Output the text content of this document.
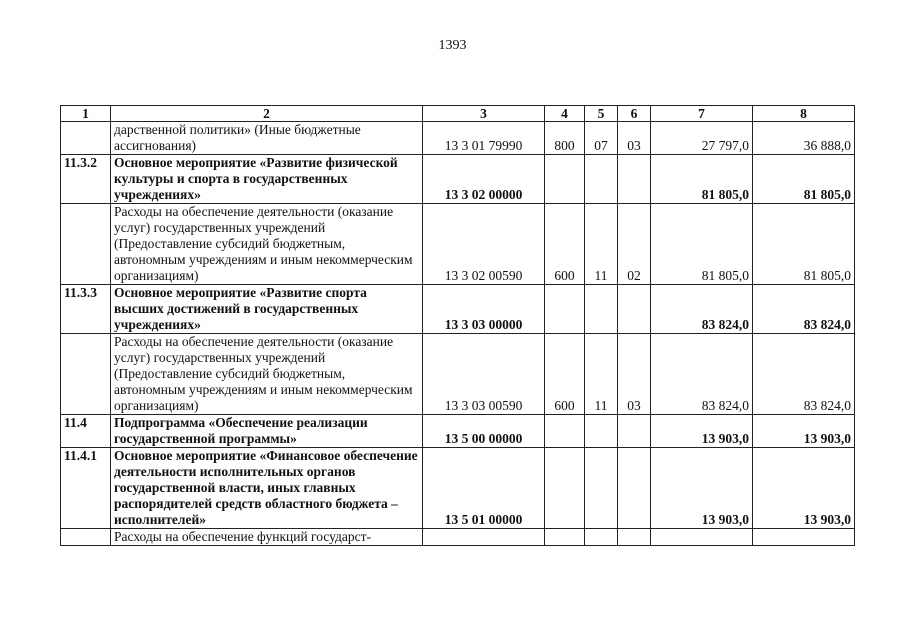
1393
1	2	3	4	5	6	7	8
	дарственной политики» (Иные бюджетные ассигнования)	13 3 01 79990	800	07	03	27 797,0	36 888,0
11.3.2	Основное мероприятие «Развитие физической культуры и спорта в государственных учреждениях»	13 3 02 00000				81 805,0	81 805,0
	Расходы на обеспечение деятельности (оказание услуг) государственных учреждений (Предоставление субсидий бюджетным, автономным учреждениям и иным некоммерческим организациям)	13 3 02 00590	600	11	02	81 805,0	81 805,0
11.3.3	Основное мероприятие «Развитие спорта высших достижений в государственных учреждениях»	13 3 03 00000				83 824,0	83 824,0
	Расходы на обеспечение деятельности (оказание услуг) государственных учреждений (Предоставление субсидий бюджетным, автономным учреждениям и иным некоммерческим организациям)	13 3 03 00590	600	11	03	83 824,0	83 824,0
11.4	Подпрограмма «Обеспечение реализации государственной программы»	13 5 00 00000				13 903,0	13 903,0
11.4.1	Основное мероприятие «Финансовое обеспечение деятельности исполнительных органов государственной власти, иных главных распорядителей средств областного бюджета – исполнителей»	13 5 01 00000				13 903,0	13 903,0
	Расходы на обеспечение функций государст-						
